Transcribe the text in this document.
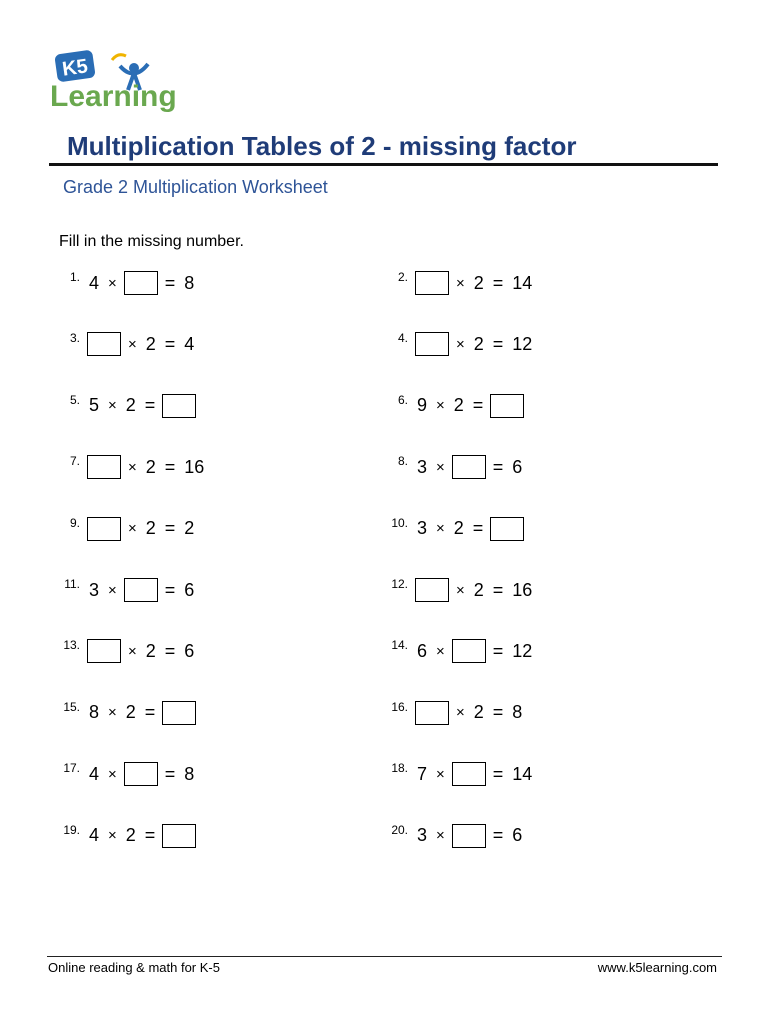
K5
Learning
Multiplication Tables of 2 - missing factor
Grade 2 Multiplication Worksheet
Fill in the missing number.
1. 4 ×	= 8	2.	× 2 = 14
3.	× 2 = 4	4.	× 2 = 12
5. 5 × 2 =	6. 9 × 2 =
7.	× 2 = 16	8. 3 ×	= 6
9.	× 2 = 2	10. 3 × 2 =
11. 3 ×	= 6	12.	× 2 = 16
13.	× 2 = 6	14. 6 ×	= 12
15. 8 × 2 =	16.	× 2 = 8
17. 4 ×	= 8	18. 7 ×	= 14
19. 4 × 2 =	20. 3 ×	= 6
Online reading & math for K-5	www.k5learning.com
